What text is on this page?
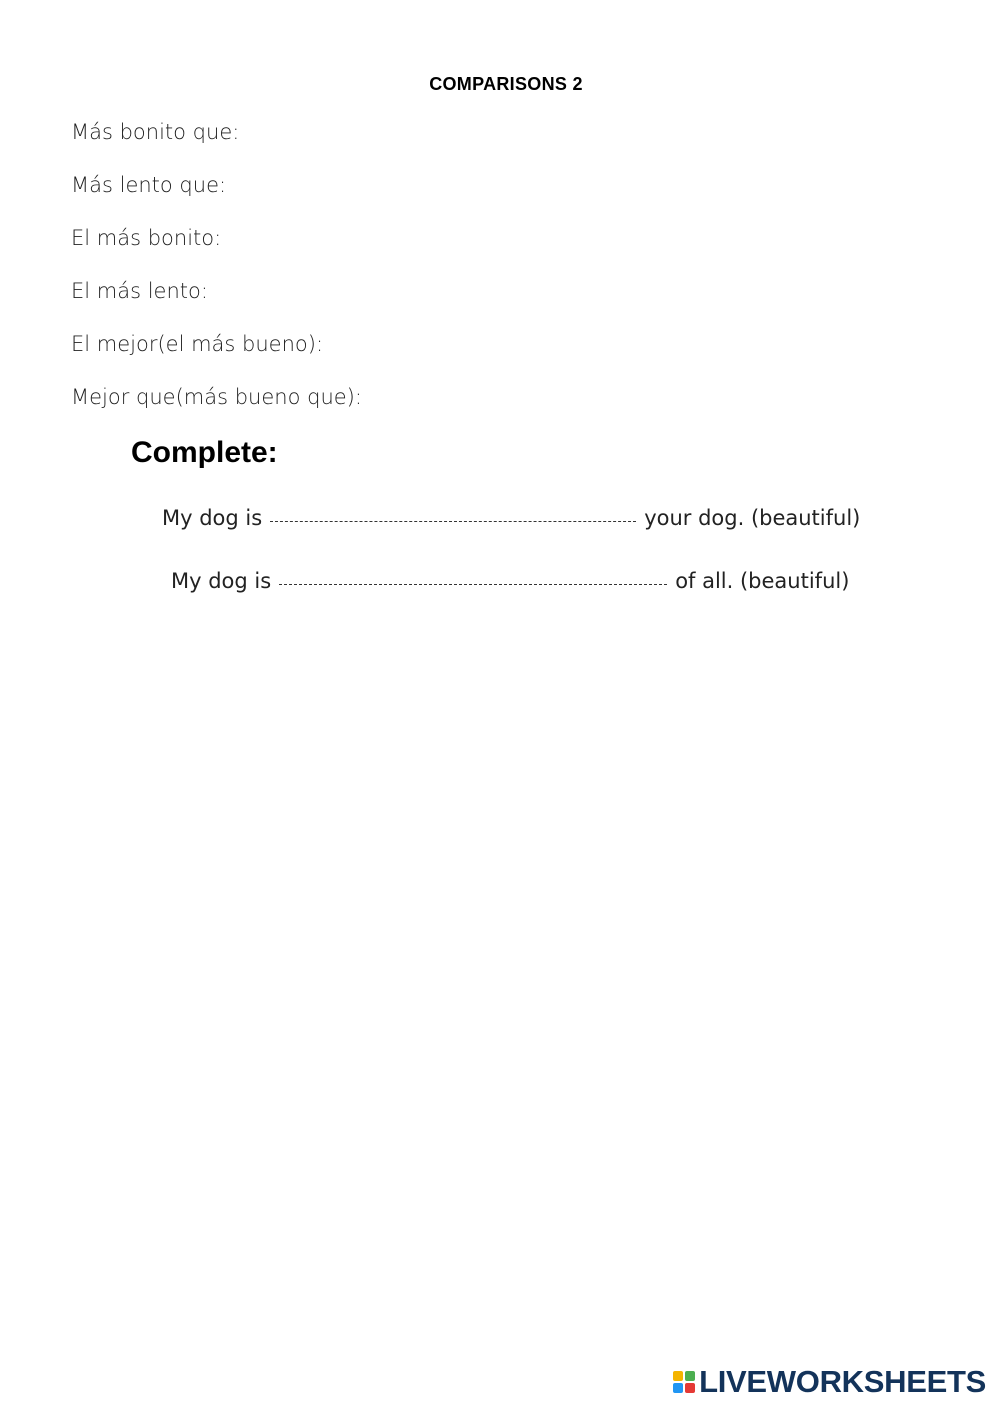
COMPARISONS 2
Más bonito que:
Más lento que:
El más bonito:
El más lento:
El mejor(el más bueno):
Mejor que(más bueno que):
Complete:
My dog is	your dog. (beautiful)
My dog is	of all. (beautiful)
LIVEWORKSHEETS
